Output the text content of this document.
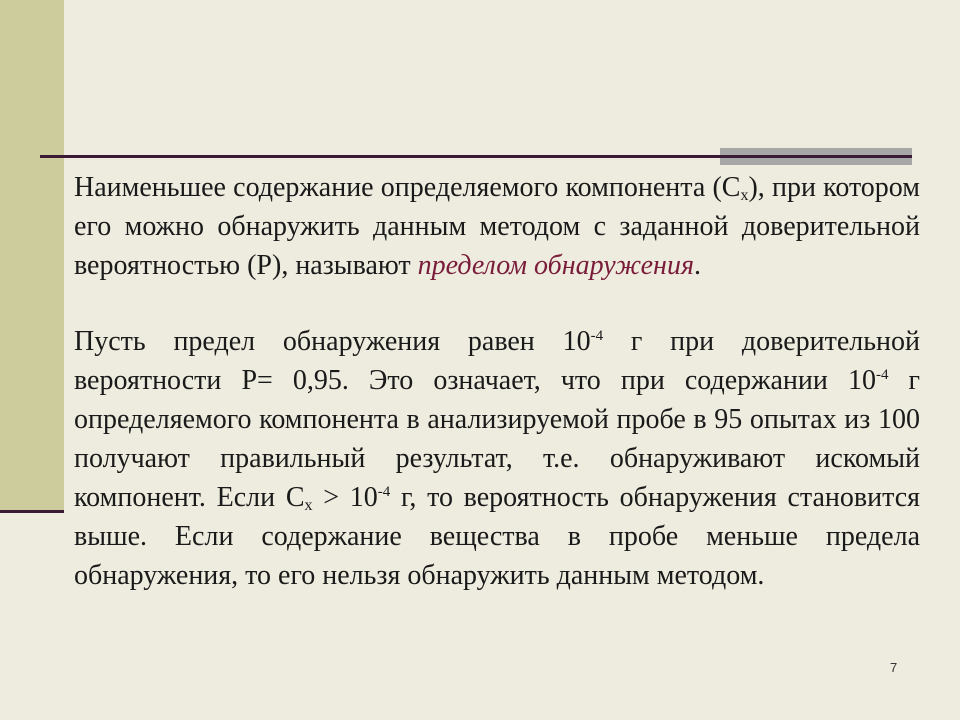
Наименьшее содержание определяемого компонента $(С_х)$, при котором его можно обнаружить данным методом с заданной доверительной вероятностью (Р), называют пределом обнаружения.

Пусть предел обнаружения равен $10^{-4}$ г при доверительной вероятности Р= 0,95. Это означает, что при содержании $10^{-4}$ г определяемого компонента в анализируемой пробе в 95 опытах из 100 получают правильный результат, т.е. обнаруживают искомый компонент. Если $С_х > 10^{-4}$ г, то вероятность обнаружения становится выше. Если содержание вещества в пробе меньше предела обнаружения, то его нельзя обнаружить данным методом.

7
